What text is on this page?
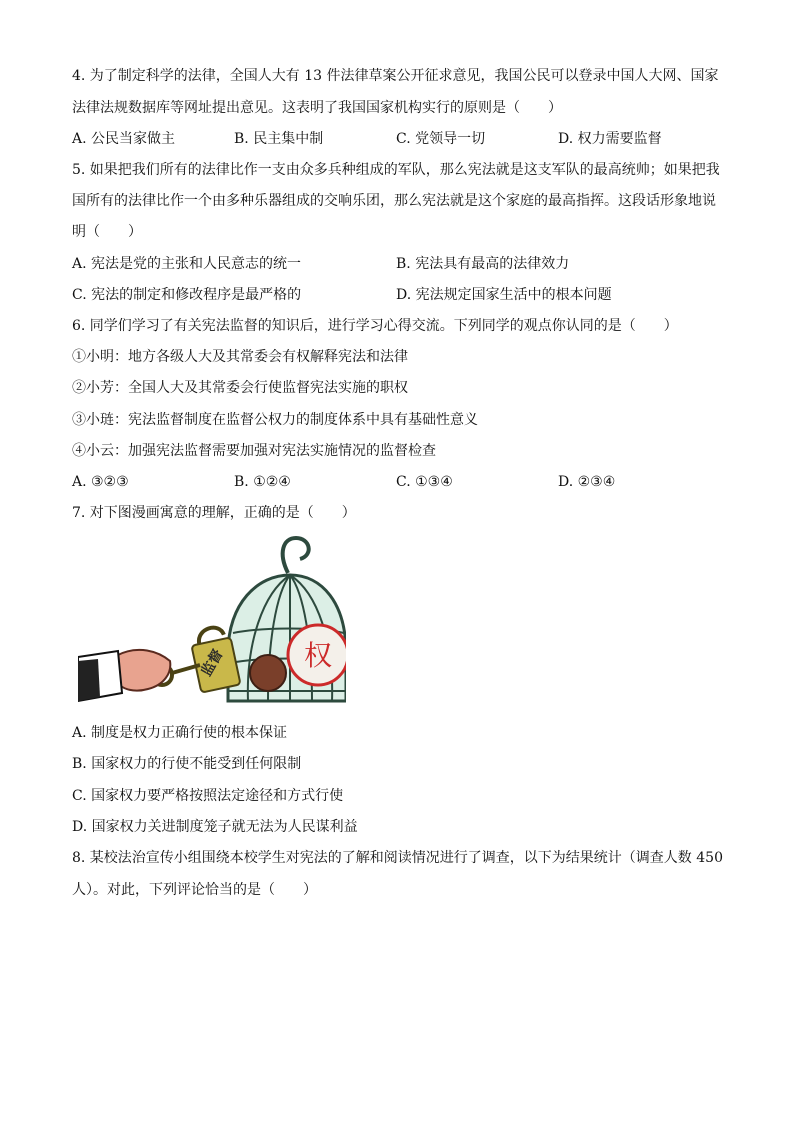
4. 为了制定科学的法律，全国人大有 13 件法律草案公开征求意见，我国公民可以登录中国人大网、国家
法律法规数据库等网址提出意见。这表明了我国国家机构实行的原则是（　　）
A. 公民当家做主	B. 民主集中制	C. 党领导一切	D. 权力需要监督
5. 如果把我们所有的法律比作一支由众多兵种组成的军队，那么宪法就是这支军队的最高统帅；如果把我
国所有的法律比作一个由多种乐器组成的交响乐团，那么宪法就是这个家庭的最高指挥。这段话形象地说
明（　　）
A. 宪法是党的主张和人民意志的统一	B. 宪法具有最高的法律效力
C. 宪法的制定和修改程序是最严格的	D. 宪法规定国家生活中的根本问题
6. 同学们学习了有关宪法监督的知识后，进行学习心得交流。下列同学的观点你认同的是（　　）
①小明：地方各级人大及其常委会有权解释宪法和法律
②小芳：全国人大及其常委会行使监督宪法实施的职权
③小琏：宪法监督制度在监督公权力的制度体系中具有基础性意义
④小云：加强宪法监督需要加强对宪法实施情况的监督检查
A. ③②③	B. ①②④	C. ①③④	D. ②③④
7. 对下图漫画寓意的理解，正确的是（　　）
权
监督
A. 制度是权力正确行使的根本保证
B. 国家权力的行使不能受到任何限制
C. 国家权力要严格按照法定途径和方式行使
D. 国家权力关进制度笼子就无法为人民谋利益
8. 某校法治宣传小组围绕本校学生对宪法的了解和阅读情况进行了调查，以下为结果统计（调查人数 450
人）。对此，下列评论恰当的是（　　）
